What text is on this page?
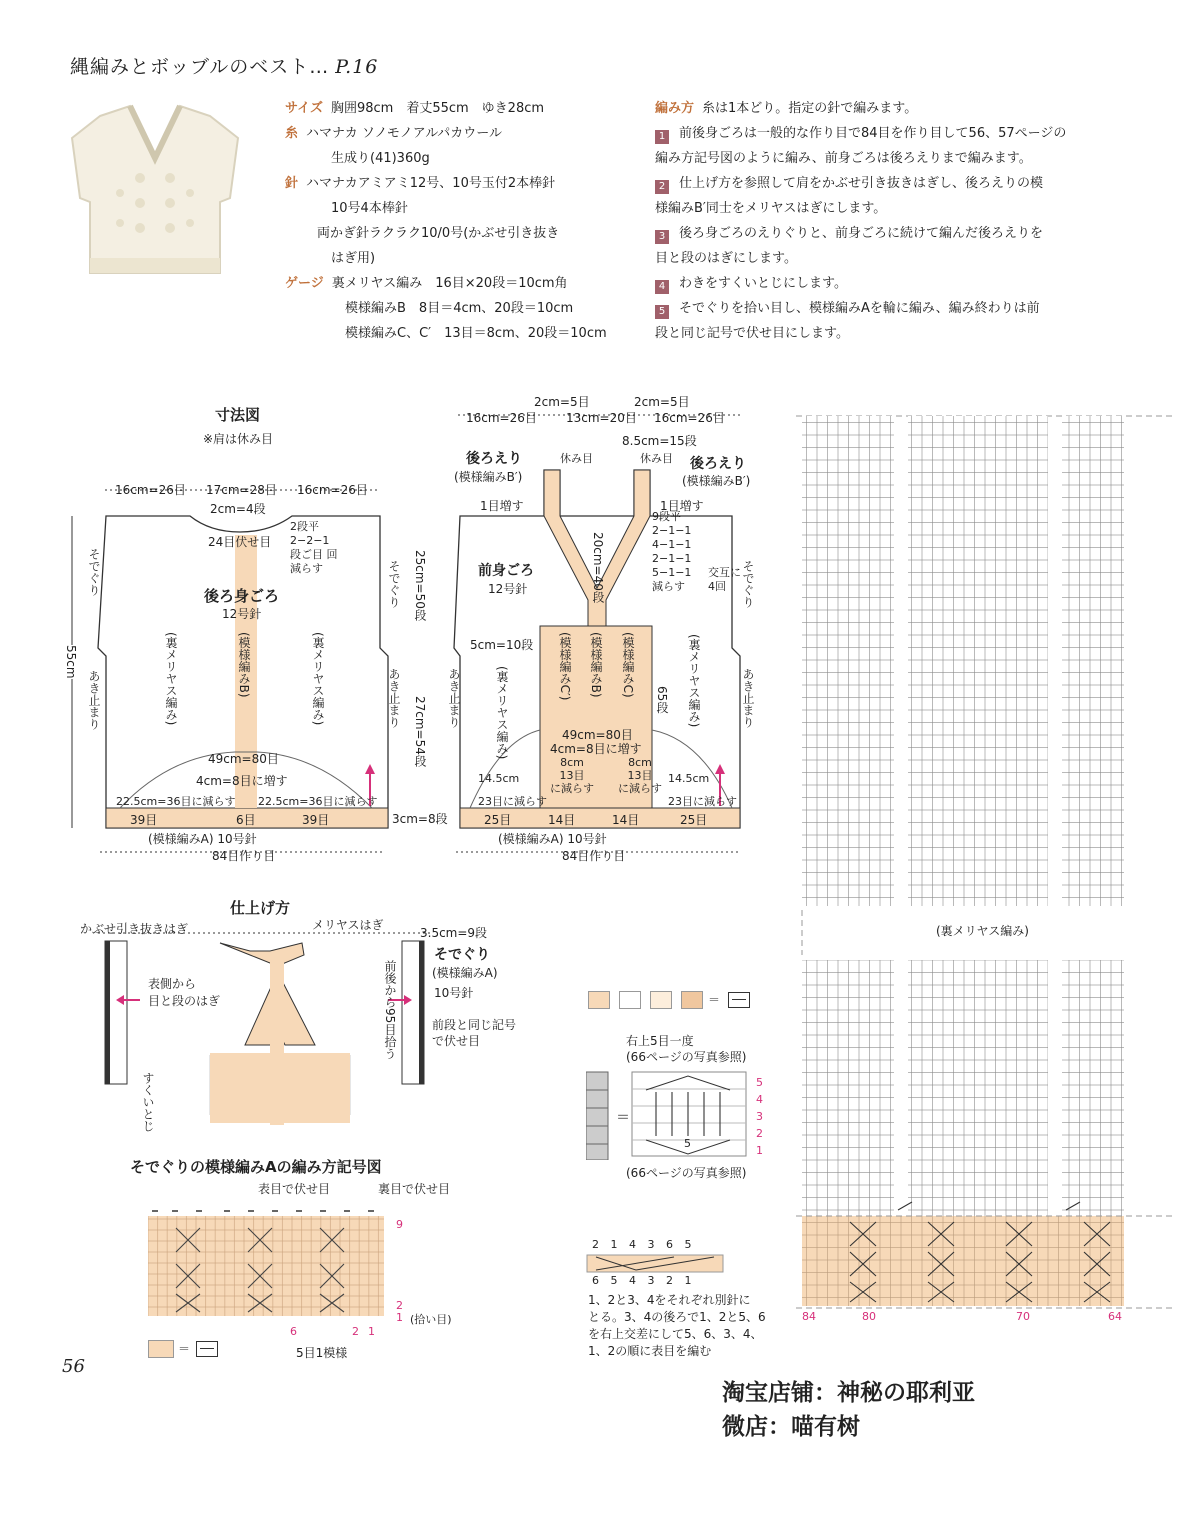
縄編みとボッブルのベスト… P.16
サイズ 胸囲98cm　着丈55cm　ゆき28cm
糸 ハマナカ ソノモノアルパカウール
生成り(41)360g
針 ハマナカアミアミ12号、10号玉付2本棒針
10号4本棒針
両かぎ針ラクラク10/0号(かぶせ引き抜き
はぎ用)
ゲージ 裏メリヤス編み　16目×20段＝10cm角
模様編みB　8目＝4cm、20段＝10cm
模様編みC、C′　13目＝8cm、20段＝10cm
編み方 糸は1本どり。指定の針で編みます。
1 前後身ごろは一般的な作り目で84目を作り目して56、57ページの
編み方記号図のように編み、前身ごろは後ろえりまで編みます。
2 仕上げ方を参照して肩をかぶせ引き抜きはぎし、後ろえりの模
様編みB′同士をメリヤスはぎにします。
3 後ろ身ごろのえりぐりと、前身ごろに続けて編んだ後ろえりを
目と段のはぎにします。
4 わきをすくいとじにします。
5 そでぐりを拾い目し、模様編みAを輪に編み、編み終わりは前
段と同じ記号で伏せ目にします。
寸法図
※肩は休み目
16cm=26目 17cm=28目 16cm=26目
2cm=4段
24目伏せ目
2段平
2−2−1
段ご目 回
減らす
後ろ身ごろ
12号針
(裏メリヤス編み)	(模様編みB)	(裏メリヤス編み)
そでぐり
あき止まり
そでぐり
あき止まり
55cm
49cm=80目
4cm=8目に増す
22.5cm=36目に減らす 22.5cm=36目に減らす
39目	6目	39目
(模様編みA) 10号針
84目作り目
25cm=50段
27cm=54段
3cm=8段
2cm=5目	2cm=5目
16cm=26目 13cm=20目 16cm=26目
8.5cm=15段
休み目	休み目
後ろえり
(模様編みB′)
後ろえり
(模様編みB′)
1目増す	1目増す
20cm=40段
9段平
2−1−1
4−1−1
2−1−1
5−1−1
減らす
交互に
4回
前身ごろ
12号針
5cm=10段
(裏メリヤス編み)	(模様編みC′) (模様編みB) (模様編みC)
65段 (裏メリヤス編み)
そでぐり
あき止まり
あき止まり
49cm=80目
4cm=8目に増す
8cm
13目
に減らす
8cm
13目
に減らす
14.5cm
23目に減らす
14.5cm
23目に減らす
25目	14目	14目	25目
(模様編みA) 10号針
84目作り目
仕上げ方
かぶせ引き抜きはぎ	メリヤスはぎ
表側から
目と段のはぎ
すくいとじ
3.5cm=9段
そでぐり
(模様編みA)
10号針
前後から95目拾う	前段と同じ記号
で伏せ目
そでぐりの模様編みAの編み方記号図
表目で伏せ目	裏目で伏せ目
9
2
1 (拾い目)
6	2 1
5目1模様
＝
＝
右上5目一度
(66ページの写真参照)
＝
5
5
4
3
2
1
(66ページの写真参照)
2 1 4 3 6 5
6 5 4 3 2 1
1、2と3、4をそれぞれ別針に
とる。3、4の後ろで1、2と5、6
を右上交差にして5、6、3、4、
1、2の順に表目を編む
(裏メリヤス編み)
84	80	70	64
56
淘宝店铺：神秘の耶利亚
微店：喵有树
